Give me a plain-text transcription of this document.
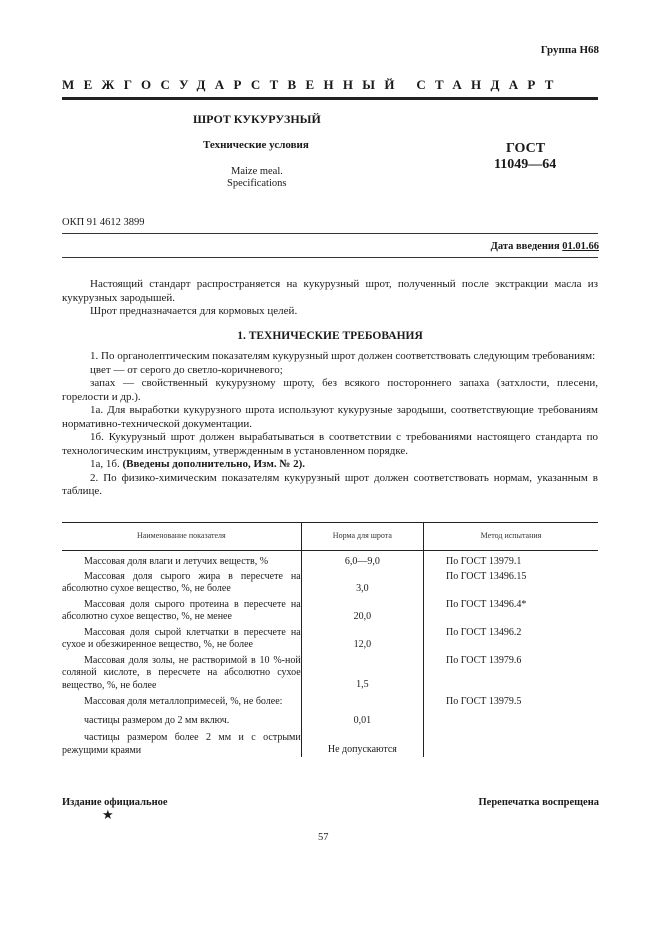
Группа Н68
МЕЖГОСУДАРСТВЕННЫЙ СТАНДАРТ
ШРОТ КУКУРУЗНЫЙ
Технические условия
Maize meal.
Specifications
ГОСТ
11049—64
ОКП 91 4612 3899
Дата введения 01.01.66

Настоящий стандарт распространяется на кукурузный шрот, полученный после экстракции масла из кукурузных зародышей.

Шрот предназначается для кормовых целей.

1. ТЕХНИЧЕСКИЕ ТРЕБОВАНИЯ

1. По органолептическим показателям кукурузный шрот должен соответствовать следующим требованиям:

цвет — от серого до светло-коричневого;

запах — свойственный кукурузному шроту, без всякого постороннего запаха (затхлости, плесени, горелости и др.).

1а. Для выработки кукурузного шрота используют кукурузные зародыши, соответствующие требованиям нормативно-технической документации.

1б. Кукурузный шрот должен вырабатываться в соответствии с требованиями настоящего стандарта по технологическим инструкциям, утвержденным в установленном порядке.

1а, 1б. (Введены дополнительно, Изм. № 2).

2. По физико-химическим показателям кукурузный шрот должен соответствовать нормам, указанным в таблице.

Наименование показателя	Норма для шрота	Метод испытания

Массовая доля влаги и летучих веществ, %	6,0—9,0	По ГОСТ 13979.1

Массовая доля сырого жира в пересчете на абсолютно сухое вещество, %, не более	3,0	По ГОСТ 13496.15

Массовая доля сырого протеина в пересчете на абсолютно сухое вещество, %, не менее	20,0	По ГОСТ 13496.4*

Массовая доля сырой клетчатки в пересчете на сухое и обезжиренное вещество, %, не более	12,0	По ГОСТ 13496.2

Массовая доля золы, не растворимой в 10 %-ной соляной кислоте, в пересчете на абсолютно сухое вещество, %, не более	1,5	По ГОСТ 13979.6

Массовая доля металлопримесей, %, не более:		По ГОСТ 13979.5

частицы размером до 2 мм включ.	0,01	

частицы размером более 2 мм и с острыми режущими краями	Не допускаются	
Издание официальное
★
Перепечатка воспрещена
57
